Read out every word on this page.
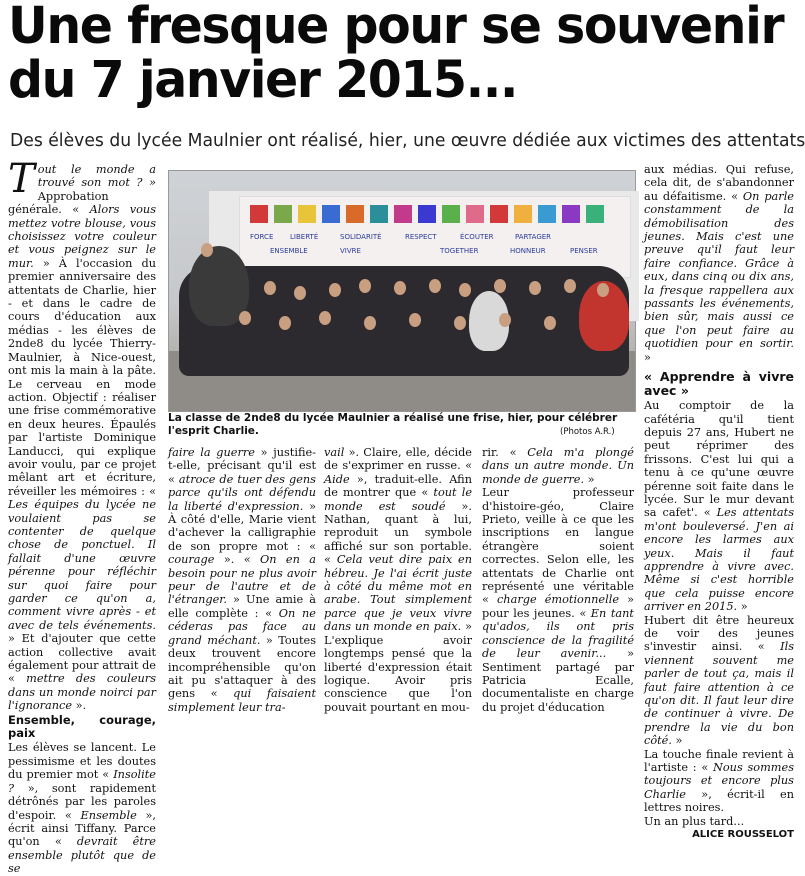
Une fresque pour se souvenir
du 7 janvier 2015...
Des élèves du lycée Maulnier ont réalisé, hier, une œuvre dédiée aux victimes des attentats

Tout le monde a trouvé son mot ? » Approbation générale. « Alors vous mettez votre blouse, vous choisissez votre couleur et vous peignez sur le mur. » À l'occasion du premier anniversaire des attentats de Charlie, hier - et dans le cadre de cours d'éducation aux médias - les élèves de 2nde8 du lycée Thierry-Maulnier, à Nice-ouest, ont mis la main à la pâte. Le cerveau en mode action. Objectif : réaliser une frise commémorative en deux heures. Épaulés par l'artiste Dominique Landucci, qui explique avoir voulu, par ce projet mêlant art et écriture, réveiller les mémoires : « Les équipes du lycée ne voulaient pas se contenter de quelque chose de ponctuel. Il fallait d'une œuvre pérenne pour réfléchir sur quoi faire pour garder ce qu'on a, comment vivre après - et avec de tels événements. » Et d'ajouter que cette action collective avait également pour attrait de « mettre des couleurs dans un monde noirci par l'ignorance ».

Ensemble, courage, paix

Les élèves se lancent. Le pessimisme et les doutes du premier mot « Insolite ? », sont rapidement détrônés par les paroles d'espoir. « Ensemble », écrit ainsi Tiffany. Parce qu'on « devrait être ensemble plutôt que de se

FORCE LIBERTÉ	SOLIDARITÉ	RESPECT	ÉCOUTER	PARTAGER
ENSEMBLE	VIVRE	TOGETHER	HONNEUR	PENSER
La classe de 2nde8 du lycée Maulnier a réalisé une frise, hier, pour célébrer l'esprit Charlie.	(Photos A.R.)

faire la guerre » justifie-t-elle, précisant qu'il est « atroce de tuer des gens parce qu'ils ont défendu la liberté d'expression. » À côté d'elle, Marie vient d'achever la calligraphie de son propre mot : « courage ». « On en a besoin pour ne plus avoir peur de l'autre et de l'étranger. » Une amie à elle complète : « On ne céderas pas face au grand méchant. » Toutes deux trouvent encore incompréhensible qu'on ait pu s'attaquer à des gens « qui faisaient simplement leur tra-

vail ». Claire, elle, décide de s'exprimer en russe. « Aide », traduit-elle. Afin de montrer que « tout le monde est soudé ». Nathan, quant à lui, reproduit un symbole affiché sur son portable. « Cela veut dire paix en hébreu. Je l'ai écrit juste à côté du même mot en arabe. Tout simplement parce que je veux vivre dans un monde en paix. » L'explique avoir longtemps pensé que la liberté d'expression était logique. Avoir pris conscience que l'on pouvait pourtant en mou-

rir. « Cela m'a plongé dans un autre monde. Un monde de guerre. »

Leur professeur d'histoire-géo, Claire Prieto, veille à ce que les inscriptions en langue étrangère soient correctes. Selon elle, les attentats de Charlie ont représenté une véritable « charge émotionnelle » pour les jeunes. « En tant qu'ados, ils ont pris conscience de la fragilité de leur avenir... » Sentiment partagé par Patricia Ecalle, documentaliste en charge du projet d'éducation

aux médias. Qui refuse, cela dit, de s'abandonner au défaitisme. « On parle constamment de la démobilisation des jeunes. Mais c'est une preuve qu'il faut leur faire confiance. Grâce à eux, dans cinq ou dix ans, la fresque rappellera aux passants les événements, bien sûr, mais aussi ce que l'on peut faire au quotidien pour en sortir. »

« Apprendre à vivre avec »

Au comptoir de la cafétéria qu'il tient depuis 27 ans, Hubert ne peut réprimer des frissons. C'est lui qui a tenu à ce qu'une œuvre pérenne soit faite dans le lycée. Sur le mur devant sa cafet'. « Les attentats m'ont bouleversé. J'en ai encore les larmes aux yeux. Mais il faut apprendre à vivre avec. Même si c'est horrible que cela puisse encore arriver en 2015. »

Hubert dit être heureux de voir des jeunes s'investir ainsi. « Ils viennent souvent me parler de tout ça, mais il faut faire attention à ce qu'on dit. Il faut leur dire de continuer à vivre. De prendre la vie du bon côté. »

La touche finale revient à l'artiste : « Nous sommes toujours et encore plus Charlie », écrit-il en lettres noires.

Un an plus tard...

ALICE ROUSSELOT
